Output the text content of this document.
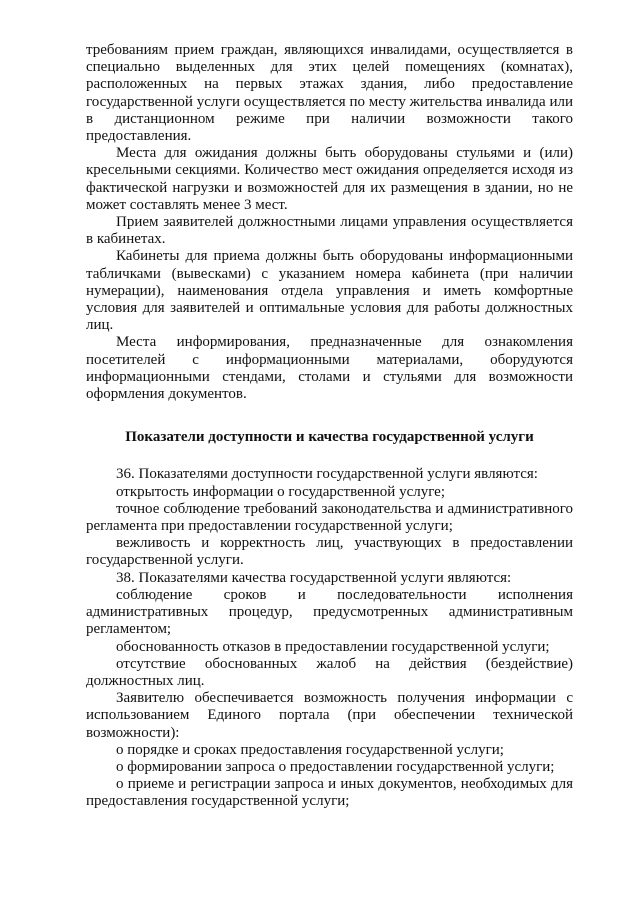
требованиям прием граждан, являющихся инвалидами, осуществляется в специально выделенных для этих целей помещениях (комнатах), расположенных на первых этажах здания, либо предоставление государственной услуги осуществляется по месту жительства инвалида или в дистанционном режиме при наличии возможности такого предоставления.

Места для ожидания должны быть оборудованы стульями и (или) кресельными секциями. Количество мест ожидания определяется исходя из фактической нагрузки и возможностей для их размещения в здании, но не может составлять менее 3 мест.

Прием заявителей должностными лицами управления осуществляется в кабинетах.

Кабинеты для приема должны быть оборудованы информационными табличками (вывесками) с указанием номера кабинета (при наличии нумерации), наименования отдела управления и иметь комфортные условия для заявителей и оптимальные условия для работы должностных лиц.

Места информирования, предназначенные для ознакомления посетителей с информационными материалами, оборудуются информационными стендами, столами и стульями для возможности оформления документов.

Показатели доступности и качества государственной услуги

36. Показателями доступности государственной услуги являются:

открытость информации о государственной услуге;

точное соблюдение требований законодательства и административного регламента при предоставлении государственной услуги;

вежливость и корректность лиц, участвующих в предоставлении государственной услуги.

38. Показателями качества государственной услуги являются:

соблюдение сроков и последовательности исполнения административных процедур, предусмотренных административным регламентом;

обоснованность отказов в предоставлении государственной услуги;

отсутствие обоснованных жалоб на действия (бездействие) должностных лиц.

Заявителю обеспечивается возможность получения информации с использованием Единого портала (при обеспечении технической возможности):

о порядке и сроках предоставления государственной услуги;

о формировании запроса о предоставлении государственной услуги;

о приеме и регистрации запроса и иных документов, необходимых для предоставления государственной услуги;
